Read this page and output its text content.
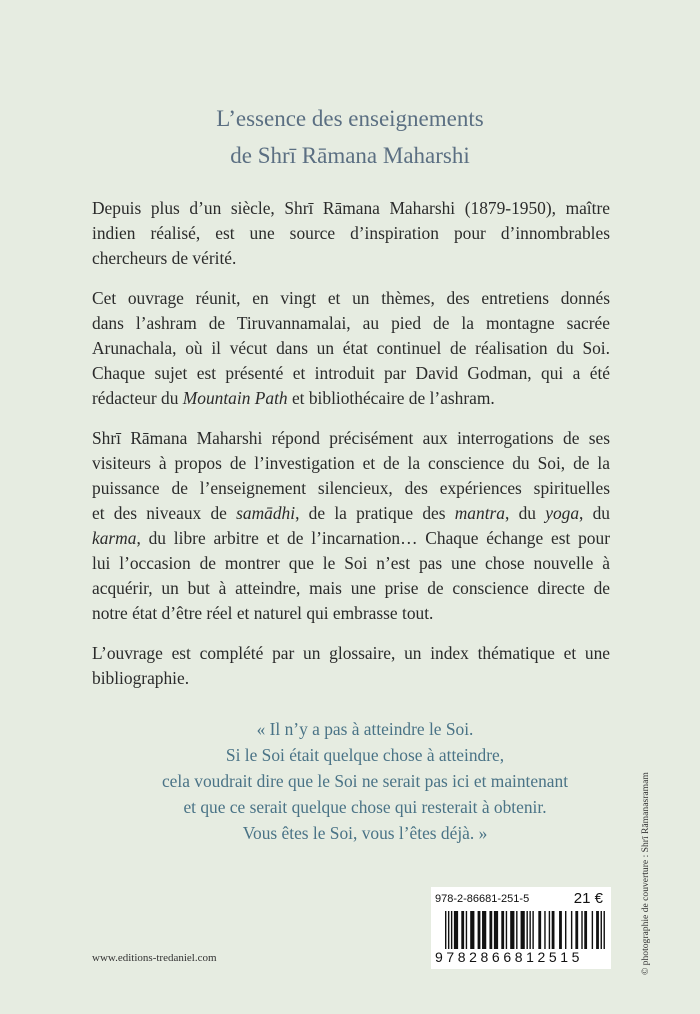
L’essence des enseignements
de Shrī Rāmana Maharshi

Depuis plus d’un siècle, Shrī Rāmana Maharshi (1879-1950), maître
indien réalisé, est une source d’inspiration pour d’innombrables
chercheurs de vérité.

Cet ouvrage réunit, en vingt et un thèmes, des entretiens donnés
dans l’ashram de Tiruvannamalai, au pied de la montagne sacrée
Arunachala, où il vécut dans un état continuel de réalisation du Soi.
Chaque sujet est présenté et introduit par David Godman, qui a été
rédacteur du Mountain Path et bibliothécaire de l’ashram.

Shrī Rāmana Maharshi répond précisément aux interrogations de ses
visiteurs à propos de l’investigation et de la conscience du Soi, de la
puissance de l’enseignement silencieux, des expériences spirituelles
et des niveaux de samādhi, de la pratique des mantra, du yoga, du
karma, du libre arbitre et de l’incarnation… Chaque échange est pour
lui l’occasion de montrer que le Soi n’est pas une chose nouvelle à
acquérir, un but à atteindre, mais une prise de conscience directe de
notre état d’être réel et naturel qui embrasse tout.

L’ouvrage est complété par un glossaire, un index thématique et une
bibliographie.

« Il n’y a pas à atteindre le Soi.
Si le Soi était quelque chose à atteindre,
cela voudrait dire que le Soi ne serait pas ici et maintenant
et que ce serait quelque chose qui resterait à obtenir.
Vous êtes le Soi, vous l’êtes déjà. »	© photographie de couverture : Shrī Rāmanasramam
www.editions-tredaniel.com
978-2-86681-251-5	21 €
9782866812515
